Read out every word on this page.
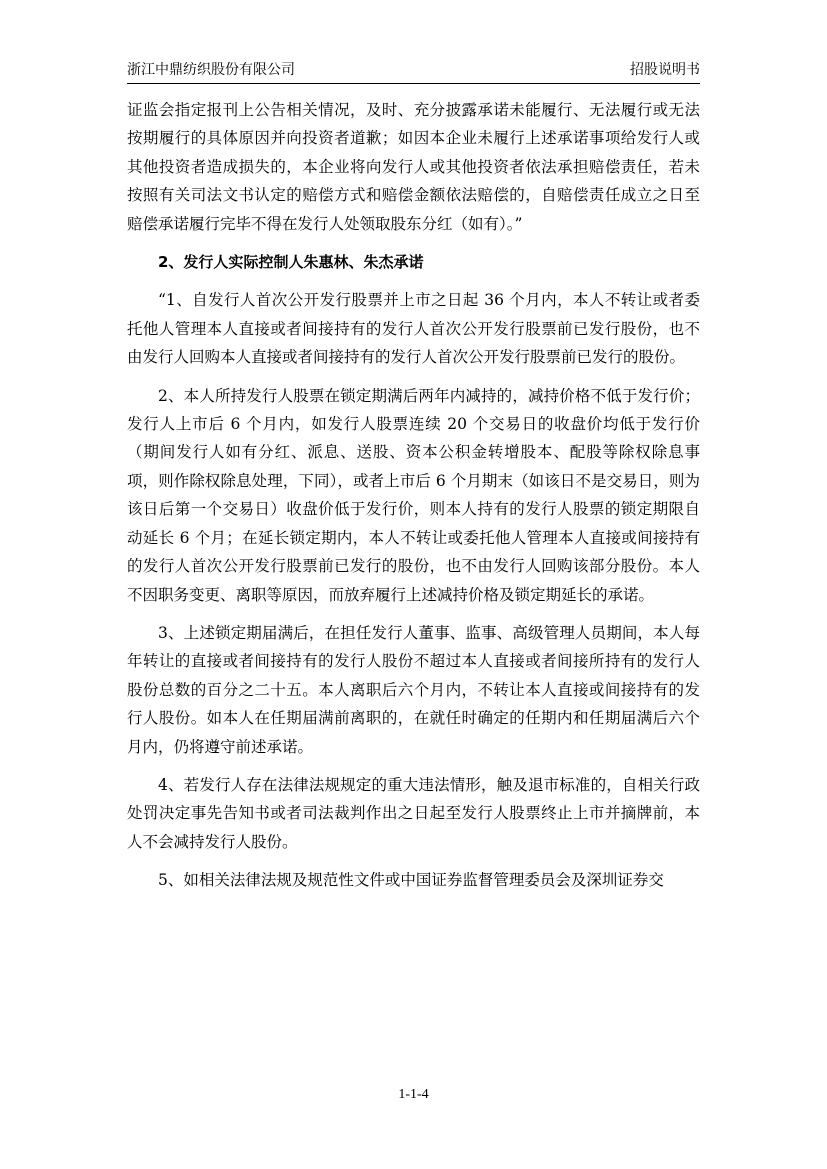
浙江中鼎纺织股份有限公司	招股说明书

证监会指定报刊上公告相关情况，及时、充分披露承诺未能履行、无法履行或无法按期履行的具体原因并向投资者道歉；如因本企业未履行上述承诺事项给发行人或其他投资者造成损失的，本企业将向发行人或其他投资者依法承担赔偿责任，若未按照有关司法文书认定的赔偿方式和赔偿金额依法赔偿的，自赔偿责任成立之日至赔偿承诺履行完毕不得在发行人处领取股东分红（如有）。”

2、发行人实际控制人朱惠林、朱杰承诺

“1、自发行人首次公开发行股票并上市之日起 36 个月内，本人不转让或者委托他人管理本人直接或者间接持有的发行人首次公开发行股票前已发行股份，也不由发行人回购本人直接或者间接持有的发行人首次公开发行股票前已发行的股份。

2、本人所持发行人股票在锁定期满后两年内减持的，减持价格不低于发行价；发行人上市后 6 个月内，如发行人股票连续 20 个交易日的收盘价均低于发行价（期间发行人如有分红、派息、送股、资本公积金转增股本、配股等除权除息事项，则作除权除息处理，下同），或者上市后 6 个月期末（如该日不是交易日，则为该日后第一个交易日）收盘价低于发行价，则本人持有的发行人股票的锁定期限自动延长 6 个月；在延长锁定期内，本人不转让或委托他人管理本人直接或间接持有的发行人首次公开发行股票前已发行的股份，也不由发行人回购该部分股份。本人不因职务变更、离职等原因，而放弃履行上述减持价格及锁定期延长的承诺。

3、上述锁定期届满后，在担任发行人董事、监事、高级管理人员期间，本人每年转让的直接或者间接持有的发行人股份不超过本人直接或者间接所持有的发行人股份总数的百分之二十五。本人离职后六个月内，不转让本人直接或间接持有的发行人股份。如本人在任期届满前离职的，在就任时确定的任期内和任期届满后六个月内，仍将遵守前述承诺。

4、若发行人存在法律法规规定的重大违法情形，触及退市标准的，自相关行政处罚决定事先告知书或者司法裁判作出之日起至发行人股票终止上市并摘牌前，本人不会减持发行人股份。

5、如相关法律法规及规范性文件或中国证券监督管理委员会及深圳证券交

1-1-4
